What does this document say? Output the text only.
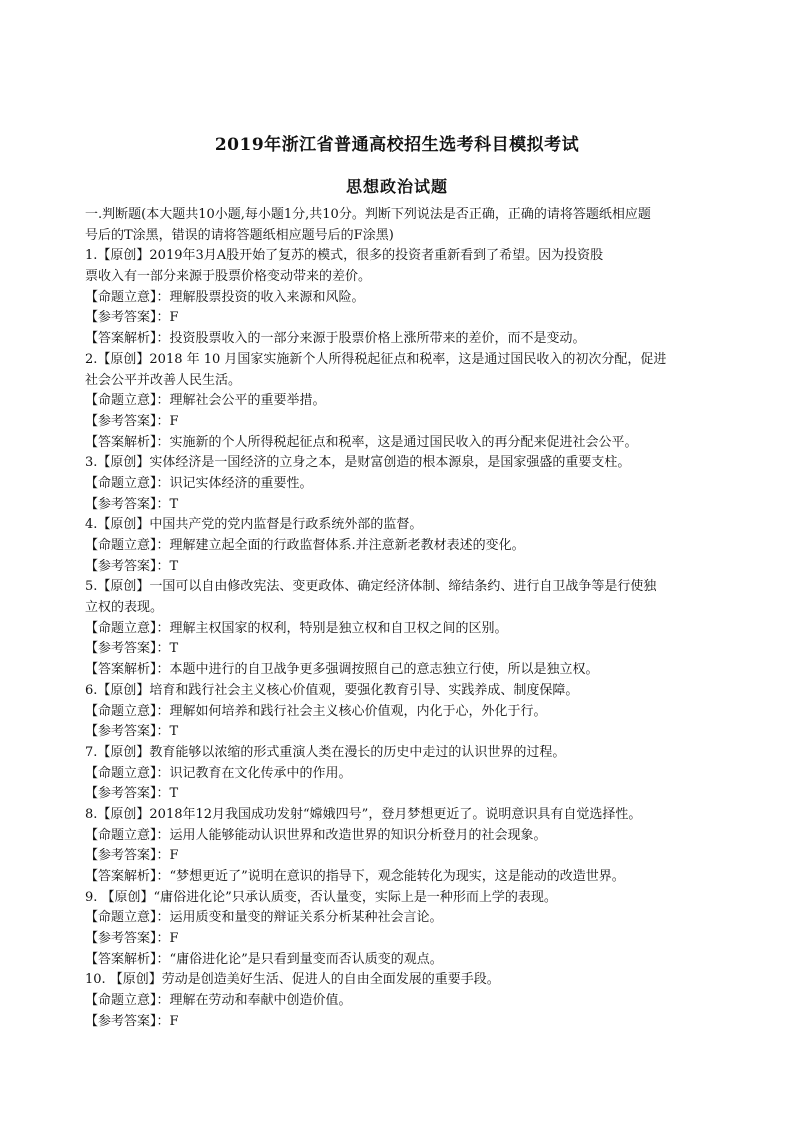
2019年浙江省普通高校招生选考科目模拟考试
思想政治试题
一.判断题(本大题共10小题,每小题1分,共10分。判断下列说法是否正确，正确的请将答题纸相应题
号后的T涂黑，错误的请将答题纸相应题号后的F涂黑)
1.【原创】2019年3月A股开始了复苏的模式，很多的投资者重新看到了希望。因为投资股
票收入有一部分来源于股票价格变动带来的差价。
【命题立意】：理解股票投资的收入来源和风险。
【参考答案】：F
【答案解析】：投资股票收入的一部分来源于股票价格上涨所带来的差价，而不是变动。
2.【原创】2018 年 10 月国家实施新个人所得税起征点和税率，这是通过国民收入的初次分配，促进
社会公平并改善人民生活。
【命题立意】：理解社会公平的重要举措。
【参考答案】：F
【答案解析】：实施新的个人所得税起征点和税率，这是通过国民收入的再分配来促进社会公平。
3.【原创】实体经济是一国经济的立身之本，是财富创造的根本源泉，是国家强盛的重要支柱。
【命题立意】：识记实体经济的重要性。
【参考答案】：T
4.【原创】中国共产党的党内监督是行政系统外部的监督。
【命题立意】：理解建立起全面的行政监督体系.并注意新老教材表述的变化。
【参考答案】：T
5.【原创】一国可以自由修改宪法、变更政体、确定经济体制、缔结条约、进行自卫战争等是行使独
立权的表现。
【命题立意】：理解主权国家的权利，特别是独立权和自卫权之间的区别。
【参考答案】：T
【答案解析】：本题中进行的自卫战争更多强调按照自己的意志独立行使，所以是独立权。
6.【原创】培育和践行社会主义核心价值观，要强化教育引导、实践养成、制度保障。
【命题立意】：理解如何培养和践行社会主义核心价值观，内化于心，外化于行。
【参考答案】：T
7.【原创】教育能够以浓缩的形式重演人类在漫长的历史中走过的认识世界的过程。
【命题立意】：识记教育在文化传承中的作用。
【参考答案】：T
8.【原创】2018年12月我国成功发射“嫦娥四号”，登月梦想更近了。说明意识具有自觉选择性。
【命题立意】：运用人能够能动认识世界和改造世界的知识分析登月的社会现象。
【参考答案】：F
【答案解析】：“梦想更近了”说明在意识的指导下，观念能转化为现实，这是能动的改造世界。
9. 【原创】“庸俗进化论”只承认质变，否认量变，实际上是一种形而上学的表现。
【命题立意】：运用质变和量变的辩证关系分析某种社会言论。
【参考答案】：F
【答案解析】：“庸俗进化论”是只看到量变而否认质变的观点。
10. 【原创】劳动是创造美好生活、促进人的自由全面发展的重要手段。
【命题立意】：理解在劳动和奉献中创造价值。
【参考答案】：F
